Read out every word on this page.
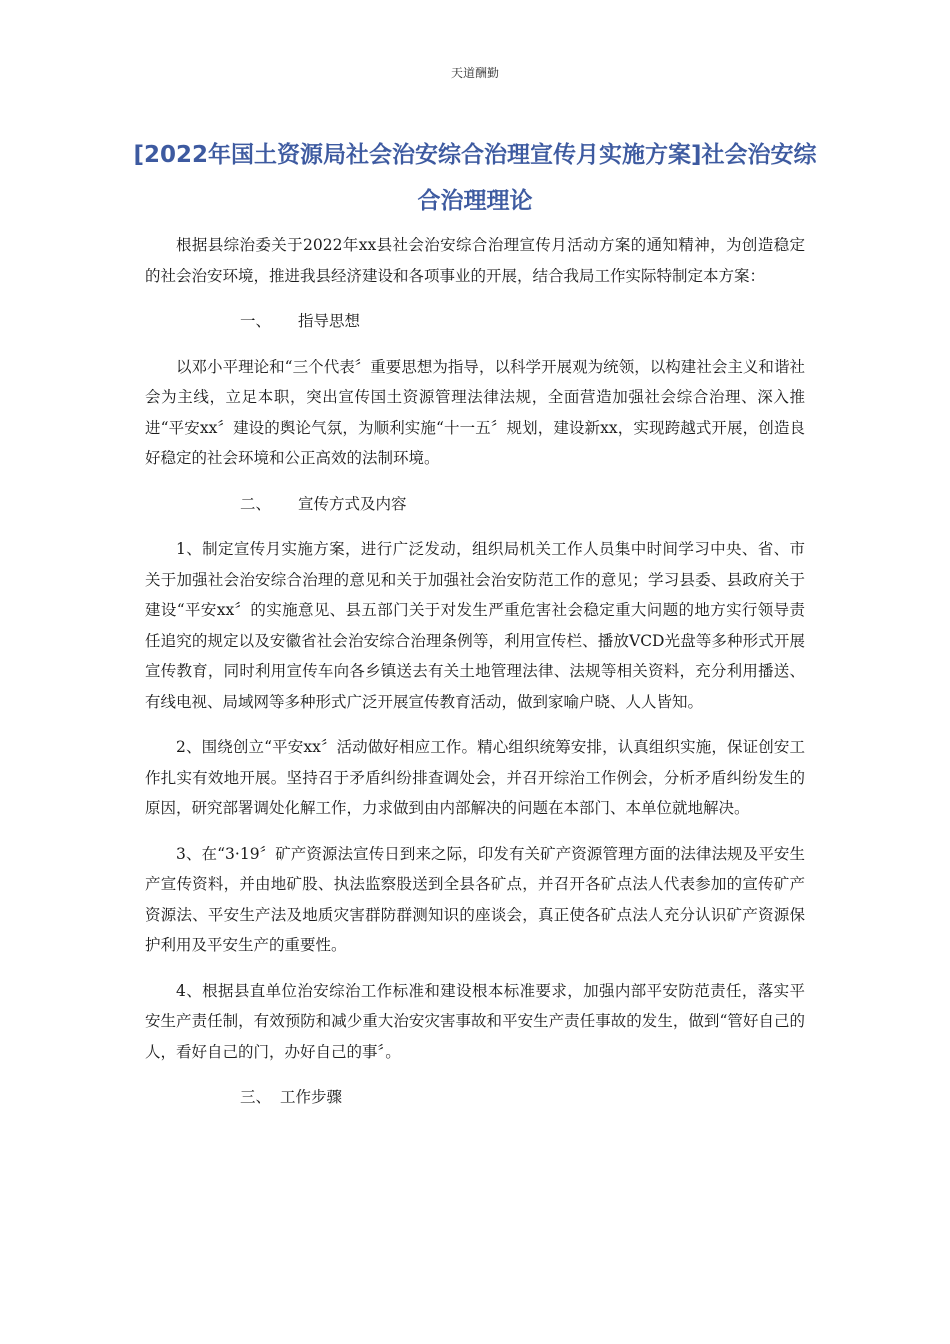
天道酬勤
[2022年国土资源局社会治安综合治理宣传月实施方案]社会治安综合治理理论

根据县综治委关于2022年xx县社会治安综合治理宣传月活动方案的通知精神，为创造稳定的社会治安环境，推进我县经济建设和各项事业的开展，结合我局工作实际特制定本方案：

一、 指导思想

以邓小平理论和“三个代表〞重要思想为指导，以科学开展观为统领，以构建社会主义和谐社会为主线，立足本职，突出宣传国土资源管理法律法规，全面营造加强社会综合治理、深入推进“平安xx〞建设的舆论气氛，为顺利实施“十一五〞规划，建设新xx，实现跨越式开展，创造良好稳定的社会环境和公正高效的法制环境。

二、 宣传方式及内容

1、制定宣传月实施方案，进行广泛发动，组织局机关工作人员集中时间学习中央、省、市关于加强社会治安综合治理的意见和关于加强社会治安防范工作的意见；学习县委、县政府关于建设“平安xx〞的实施意见、县五部门关于对发生严重危害社会稳定重大问题的地方实行领导责任追究的规定以及安徽省社会治安综合治理条例等，利用宣传栏、播放VCD光盘等多种形式开展宣传教育，同时利用宣传车向各乡镇送去有关土地管理法律、法规等相关资料，充分利用播送、有线电视、局域网等多种形式广泛开展宣传教育活动，做到家喻户晓、人人皆知。

2、围绕创立“平安xx〞活动做好相应工作。精心组织统筹安排，认真组织实施，保证创安工作扎实有效地开展。坚持召于矛盾纠纷排查调处会，并召开综治工作例会，分析矛盾纠纷发生的原因，研究部署调处化解工作，力求做到由内部解决的问题在本部门、本单位就地解决。

3、在“3·19〞矿产资源法宣传日到来之际，印发有关矿产资源管理方面的法律法规及平安生产宣传资料，并由地矿股、执法监察股送到全县各矿点，并召开各矿点法人代表参加的宣传矿产资源法、平安生产法及地质灾害群防群测知识的座谈会，真正使各矿点法人充分认识矿产资源保护利用及平安生产的重要性。

4、根据县直单位治安综治工作标准和建设根本标准要求，加强内部平安防范责任，落实平安生产责任制，有效预防和减少重大治安灾害事故和平安生产责任事故的发生，做到“管好自己的人，看好自己的门，办好自己的事〞。

三、 工作步骤
